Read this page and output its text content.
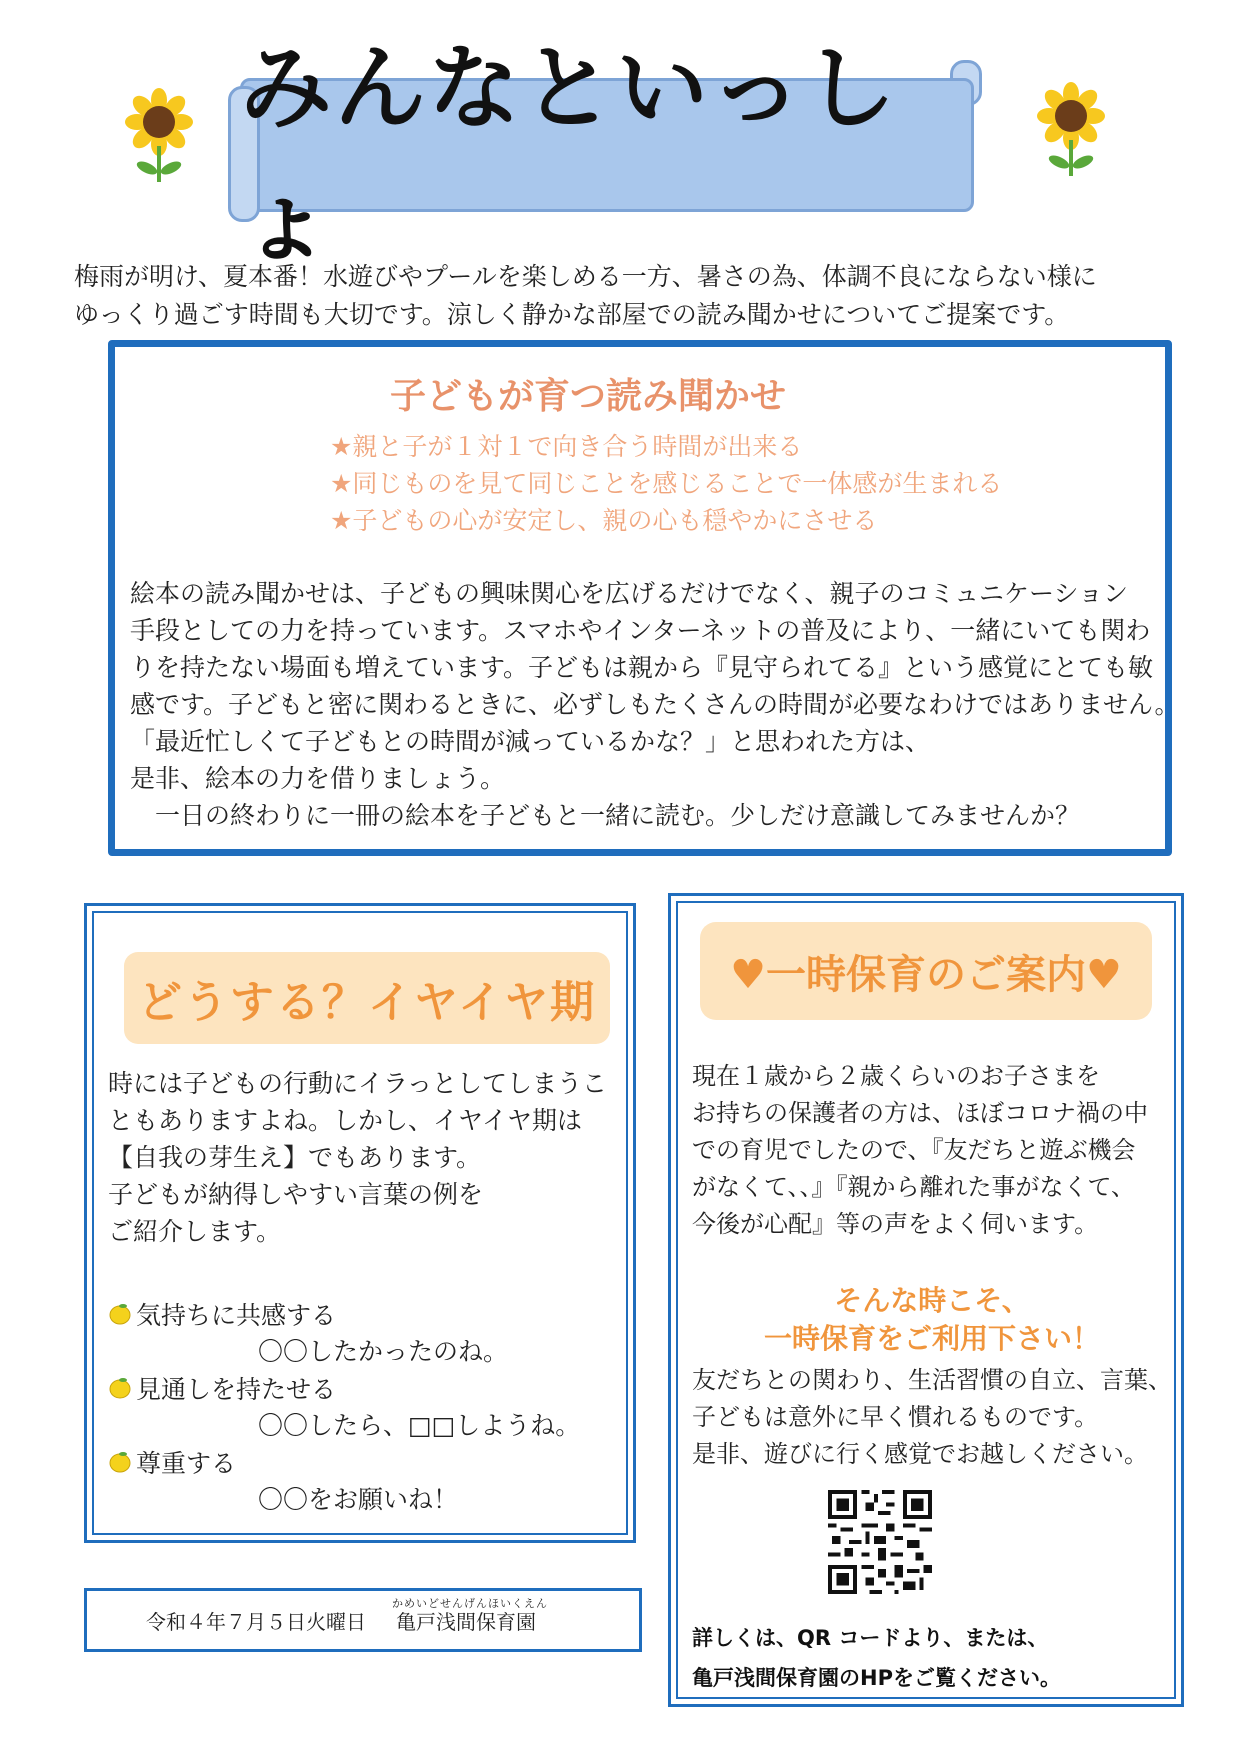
みんなといっしょ
梅雨が明け、夏本番！水遊びやプールを楽しめる一方、暑さの為、体調不良にならない様に
ゆっくり過ごす時間も大切です。涼しく静かな部屋での読み聞かせについてご提案です。
子どもが育つ読み聞かせ
★親と子が１対１で向き合う時間が出来る
★同じものを見て同じことを感じることで一体感が生まれる
★子どもの心が安定し、親の心も穏やかにさせる
絵本の読み聞かせは、子どもの興味関心を広げるだけでなく、親子のコミュニケーション
手段としての力を持っています。スマホやインターネットの普及により、一緒にいても関わ
りを持たない場面も増えています。子どもは親から『見守られてる』という感覚にとても敏
感です。子どもと密に関わるときに、必ずしもたくさんの時間が必要なわけではありません。
「最近忙しくて子どもとの時間が減っているかな？」と思われた方は、
是非、絵本の力を借りましょう。
　一日の終わりに一冊の絵本を子どもと一緒に読む。少しだけ意識してみませんか？
どうする？イヤイヤ期
時には子どもの行動にイラっとしてしまうこ
ともありますよね。しかし、イヤイヤ期は
【自我の芽生え】でもあります。
子どもが納得しやすい言葉の例を
ご紹介します。
気持ちに共感する
〇〇したかったのね。
見通しを持たせる
〇〇したら、□□しようね。
尊重する
〇〇をお願いね！
令和４年７月５日火曜日
かめいどせんげんほいくえん
亀戸浅間保育園
♥一時保育のご案内♥
現在１歳から２歳くらいのお子さまを
お持ちの保護者の方は、ほぼコロナ禍の中
での育児でしたので、『友だちと遊ぶ機会
がなくて、、』『親から離れた事がなくて、
今後が心配』等の声をよく伺います。
そんな時こそ、
一時保育をご利用下さい！
友だちとの関わり、生活習慣の自立、言葉、
子どもは意外に早く慣れるものです。
是非、遊びに行く感覚でお越しください。
詳しくは、QR コードより、または、
亀戸浅間保育園のHPをご覧ください。
